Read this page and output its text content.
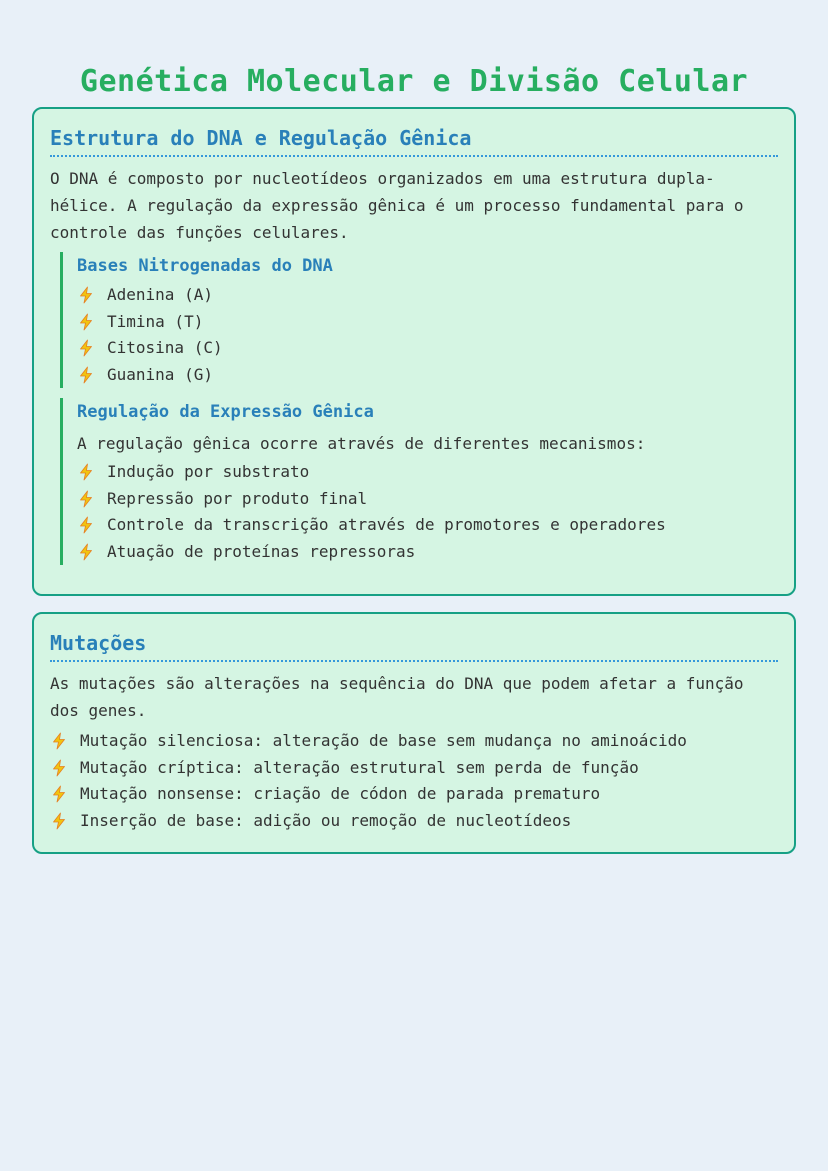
Genética Molecular e Divisão Celular
Estrutura do DNA e Regulação Gênica

O DNA é composto por nucleotídeos organizados em uma estrutura dupla-hélice. A regulação da expressão gênica é um processo fundamental para o controle das funções celulares.

Bases Nitrogenadas do DNA
Adenina (A)
Timina (T)
Citosina (C)
Guanina (G)
Regulação da Expressão Gênica

A regulação gênica ocorre através de diferentes mecanismos:

Indução por substrato
Repressão por produto final
Controle da transcrição através de promotores e operadores
Atuação de proteínas repressoras
Mutações

As mutações são alterações na sequência do DNA que podem afetar a função dos genes.

Mutação silenciosa: alteração de base sem mudança no aminoácido
Mutação críptica: alteração estrutural sem perda de função
Mutação nonsense: criação de códon de parada prematuro
Inserção de base: adição ou remoção de nucleotídeos
